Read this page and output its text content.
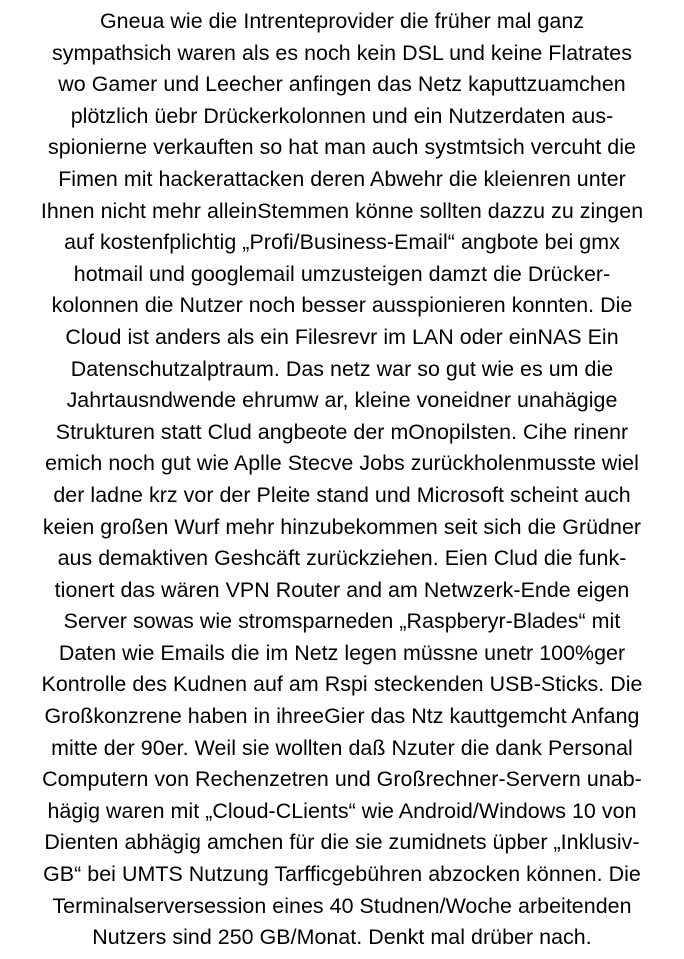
Gneua wie die Intrenteprovider die früher mal ganz
sympathsich waren als es noch kein DSL und keine Flatrates
wo Gamer und Leecher anfingen das Netz kaputtzuamchen
plötzlich üebr Drückerkolonnen und ein Nutzerdaten aus-
spionierne verkauften so hat man auch systmtsich vercuht die
Fimen mit hackerattacken deren Abwehr die kleienren unter
Ihnen nicht mehr alleinStemmen könne sollten dazzu zu zingen
auf kostenfplichtig „Profi/Business-Email“ angbote bei gmx
hotmail und googlemail umzusteigen damzt die Drücker-
kolonnen die Nutzer noch besser ausspionieren konnten. Die
Cloud ist anders als ein Filesrevr im LAN oder einNAS Ein
Datenschutzalptraum. Das netz war so gut wie es um die
Jahrtausndwende ehrumw ar, kleine voneidner unahägige
Strukturen statt Clud angbeote der mOnopilsten. Cihe rinenr
emich noch gut wie Aplle Stecve Jobs zurückholenmusste wiel
der ladne krz vor der Pleite stand und Microsoft scheint auch
keien großen Wurf mehr hinzubekommen seit sich die Grüdner
aus demaktiven Geshcäft zurückziehen. Eien Clud die funk-
tionert das wären VPN Router and am Netwzerk-Ende eigen
Server sowas wie stromsparneden „Raspberyr-Blades“ mit
Daten wie Emails die im Netz legen müssne unetr 100%ger
Kontrolle des Kudnen auf am Rspi steckenden USB-Sticks. Die
Großkonzrene haben in ihreeGier das Ntz kauttgemcht Anfang
mitte der 90er. Weil sie wollten daß Nzuter die dank Personal
Computern von Rechenzetren und Großrechner-Servern unab-
hägig waren mit „Cloud-CLients“ wie Android/Windows 10 von
Dienten abhägig amchen für die sie zumidnets üpber „Inklusiv-
GB“ bei UMTS Nutzung Tarfficgebühren abzocken können. Die
Terminalserversession eines 40 Studnen/Woche arbeitenden
Nutzers sind 250 GB/Monat. Denkt mal drüber nach.
